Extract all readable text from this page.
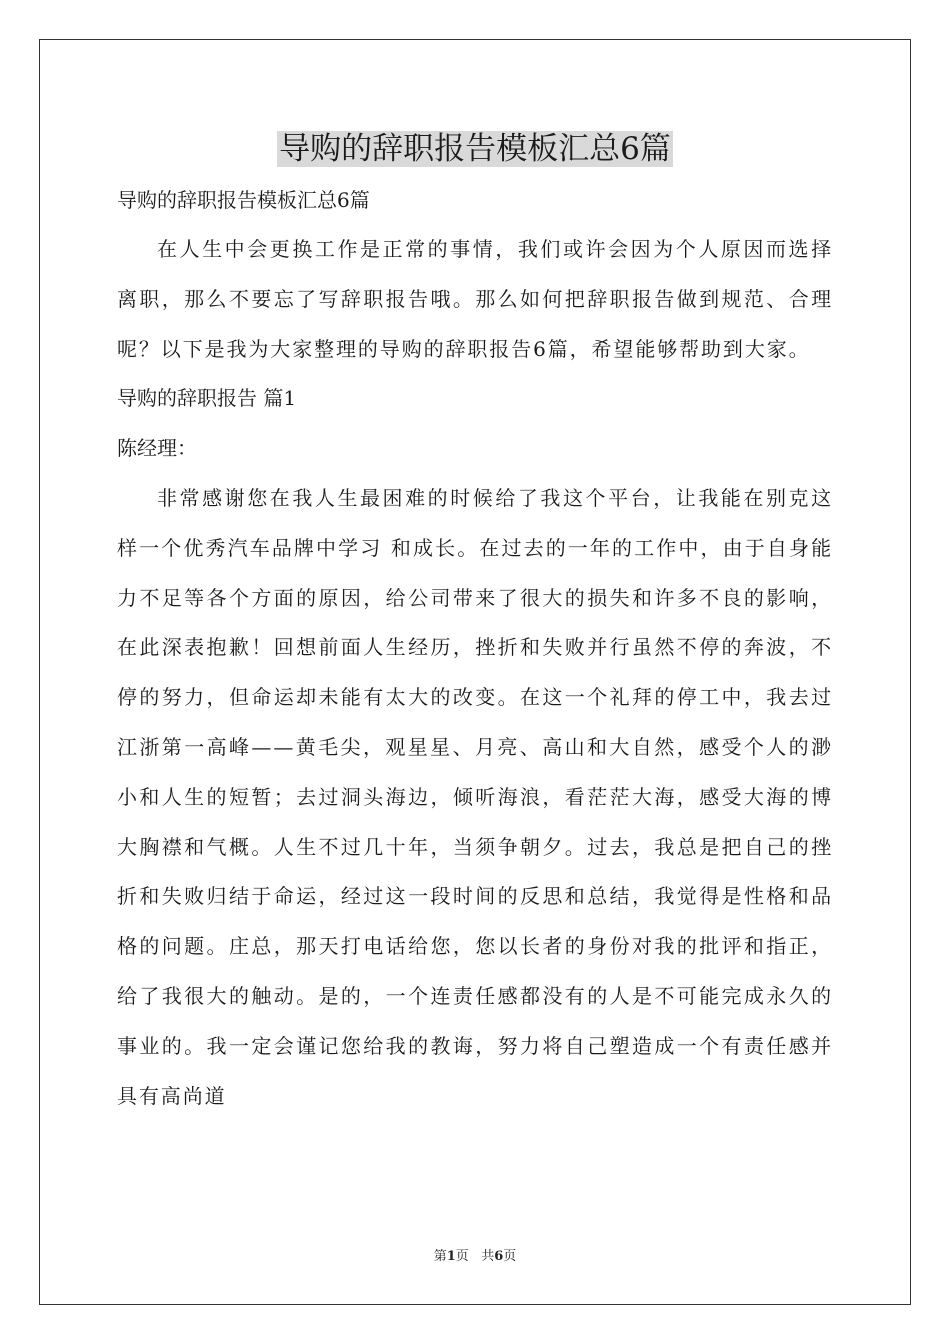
导购的辞职报告模板汇总6篇

导购的辞职报告模板汇总6篇

在人生中会更换工作是正常的事情，我们或许会因为个人原因而选择离职，那么不要忘了写辞职报告哦。那么如何把辞职报告做到规范、合理呢？以下是我为大家整理的导购的辞职报告6篇，希望能够帮助到大家。

导购的辞职报告 篇1

陈经理：

非常感谢您在我人生最困难的时候给了我这个平台，让我能在别克这样一个优秀汽车品牌中学习 和成长。在过去的一年的工作中，由于自身能力不足等各个方面的原因，给公司带来了很大的损失和许多不良的影响，在此深表抱歉！回想前面人生经历，挫折和失败并行虽然不停的奔波，不停的努力，但命运却未能有太大的改变。在这一个礼拜的停工中，我去过江浙第一高峰——黄毛尖，观星星、月亮、高山和大自然，感受个人的渺小和人生的短暂；去过洞头海边，倾听海浪，看茫茫大海，感受大海的博大胸襟和气概。人生不过几十年，当须争朝夕。过去，我总是把自己的挫折和失败归结于命运，经过这一段时间的反思和总结，我觉得是性格和品格的问题。庄总，那天打电话给您，您以长者的身份对我的批评和指正，给了我很大的触动。是的，一个连责任感都没有的人是不可能完成永久的事业的。我一定会谨记您给我的教诲，努力将自己塑造成一个有责任感并具有高尚道

第1页 共6页
